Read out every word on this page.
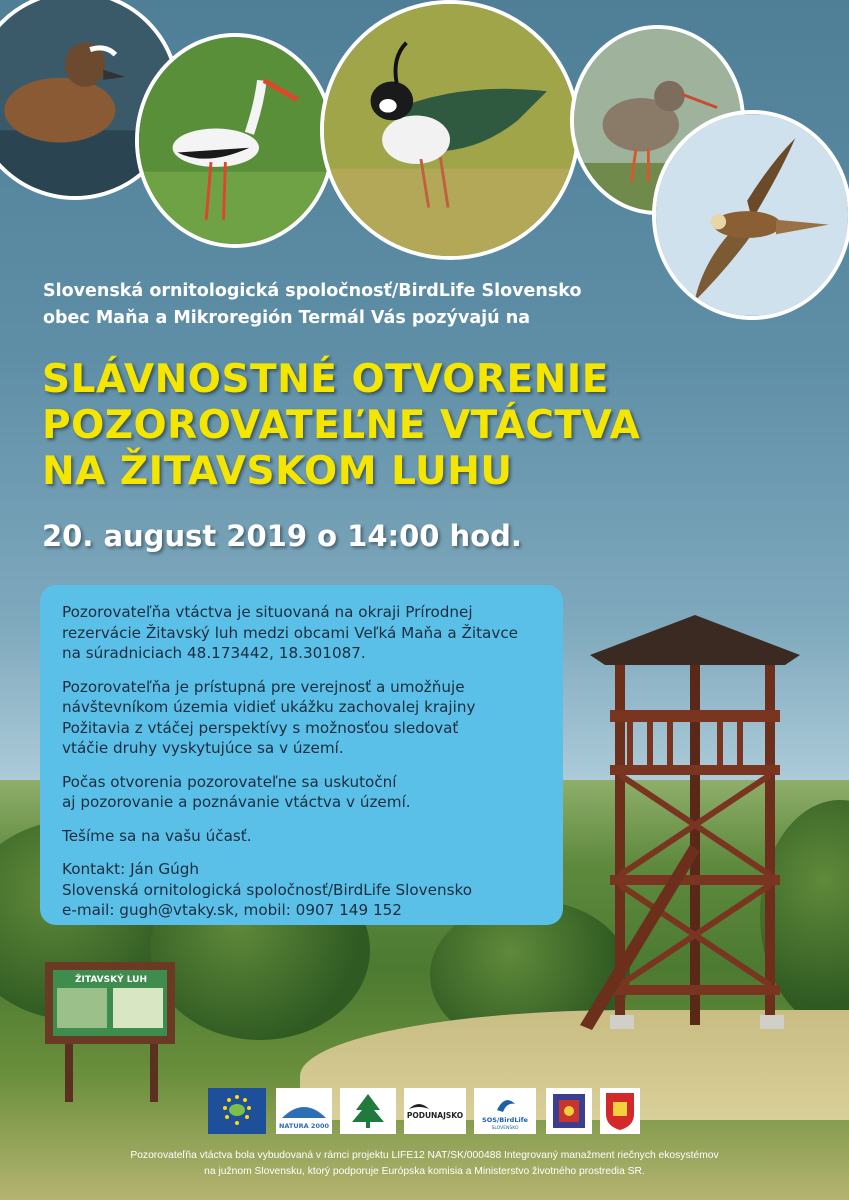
Slovenská ornitologická spoločnosť/BirdLife Slovensko
obec Maňa a Mikroregión Termál Vás pozývajú na
SLÁVNOSTNÉ OTVORENIE
POZOROVATEĽNE VTÁCTVA
NA ŽITAVSKOM LUHU
20. august 2019 o 14:00 hod.

Pozorovateľňa vtáctva je situovaná na okraji Prírodnej
rezervácie Žitavský luh medzi obcami Veľká Maňa a Žitavce
na súradniciach 48.173442, 18.301087.

Pozorovateľňa je prístupná pre verejnosť a umožňuje
návštevníkom územia vidieť ukážku zachovalej krajiny
Požitavia z vtáčej perspektívy s možnosťou sledovať
vtáčie druhy vyskytujúce sa v území.

Počas otvorenia pozorovateľne sa uskutoční
aj pozorovanie a poznávanie vtáctva v území.

Tešíme sa na vašu účasť.

Kontakt: Ján Gúgh
Slovenská ornitologická spoločnosť/BirdLife Slovensko
e-mail: gugh@vtaky.sk, mobil: 0907 149 152

ŽITAVSKÝ LUH
NATURA 2000
PODUNAJSKO	SOS/BirdLife
SLOVENSKO
Pozorovateľňa vtáctva bola vybudovaná v rámci projektu LIFE12 NAT/SK/000488 Integrovaný manažment riečnych ekosystémov
na južnom Slovensku, ktorý podporuje Európska komisia a Ministerstvo životného prostredia SR.
